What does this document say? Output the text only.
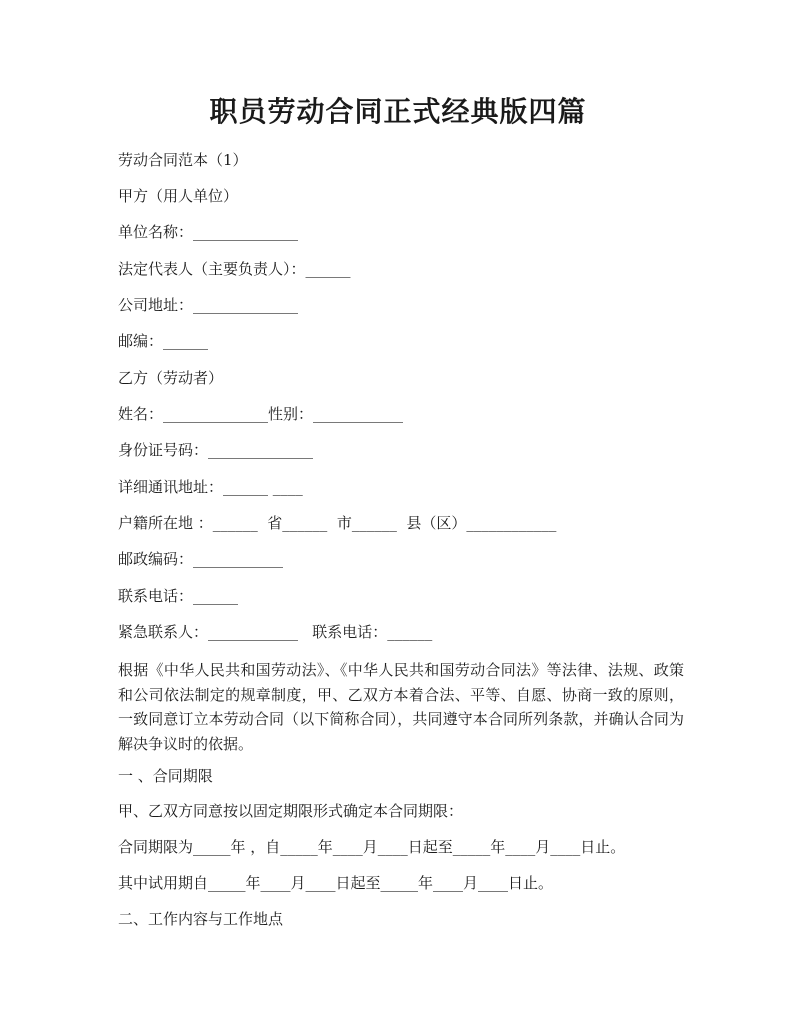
职员劳动合同正式经典版四篇
劳动合同范本（1）
甲方（用人单位）
单位名称：______________
法定代表人（主要负责人）：______
公司地址：______________
邮编：______
乙方（劳动者）
姓名：______________性别：____________
身份证号码：______________
详细通讯地址：______ ____
户籍所在地 ：______  省______  市______  县（区）____________
邮政编码：____________
联系电话：______
紧急联系人：____________   联系电话：______
根据《中华人民共和国劳动法》、《中华人民共和国劳动合同法》等法律、法规、政策和公司依法制定的规章制度，甲、乙双方本着合法、平等、自愿、协商一致的原则，一致同意订立本劳动合同（以下简称合同），共同遵守本合同所列条款，并确认合同为解决争议时的依据。
一 、合同期限
甲、乙双方同意按以固定期限形式确定本合同期限：
合同期限为_____年 ，自_____年____月____日起至_____年____月____日止。
其中试用期自_____年____月____日起至_____年____月____日止。
二、工作内容与工作地点
